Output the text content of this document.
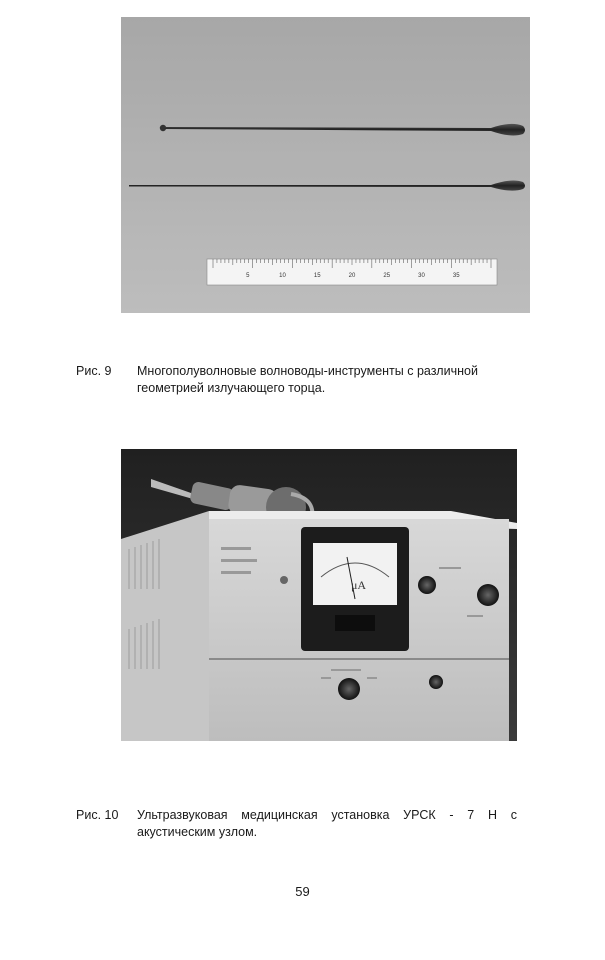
5	10	15	20	25	30	35
Рис. 9 Многополуволновые волноводы-инструменты с различной геометрией излучающего торца.
μA
Рис. 10 Ультразвуковая медицинская установка УРСК - 7 Н с акустическим узлом.
59
